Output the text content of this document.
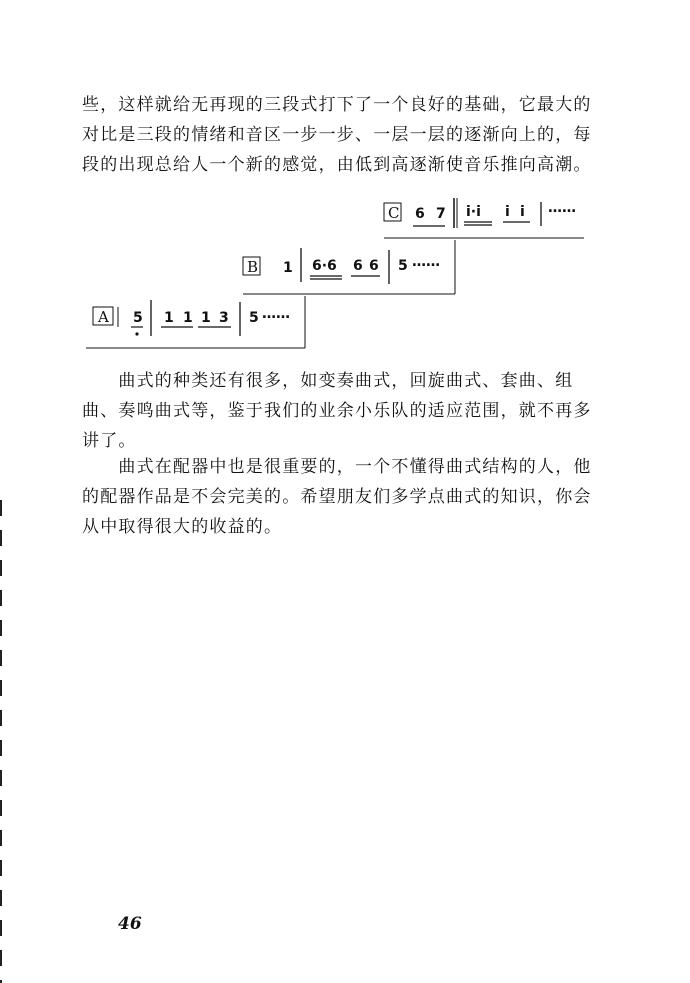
些，这样就给无再现的三段式打下了一个良好的基础，它最大的
对比是三段的情绪和音区一步一步、一层一层的逐渐向上的，每
段的出现总给人一个新的感觉，由低到高逐渐使音乐推向高潮。
C 6 7 i·i i i ……
B 1 6·6 6 6 5 ……
A 5 1 1 1 3 5 ……
　　曲式的种类还有很多，如变奏曲式，回旋曲式、套曲、组
曲、奏鸣曲式等，鉴于我们的业余小乐队的适应范围，就不再多
讲了。
　　曲式在配器中也是很重要的，一个不懂得曲式结构的人，他
的配器作品是不会完美的。希望朋友们多学点曲式的知识，你会
从中取得很大的收益的。
46
